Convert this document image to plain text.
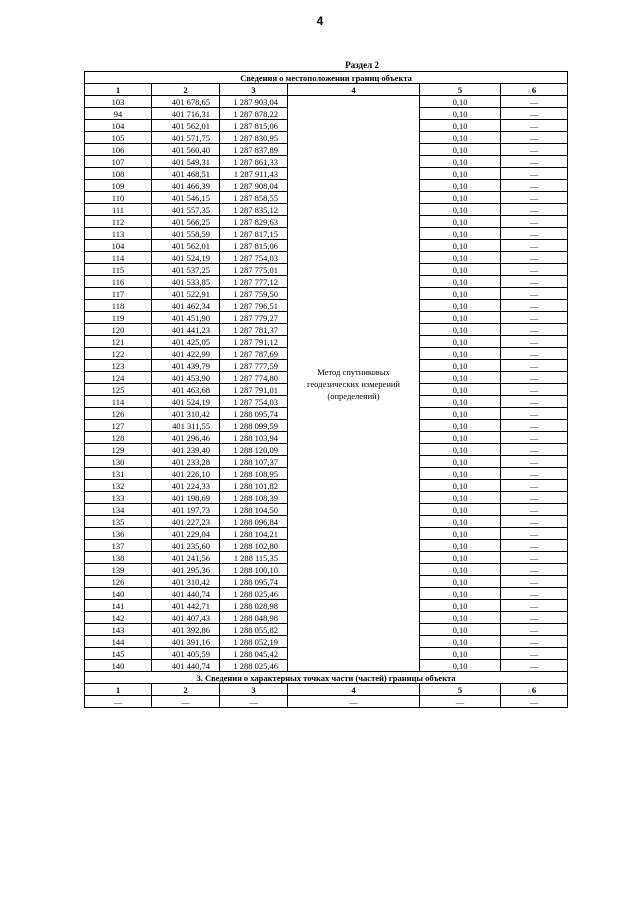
4
Раздел 2
Сведения о местоположении границ объекта					
1	2	3	4	5	6
103	401 678,65	1 287 903,04	Метод спутниковых геодезических измерений (определений)	0,10	—
94	401 716,31	1 287 878,22		0,10	—
104	401 562,01	1 287 815,06		0,10	—
105	401 571,75	1 287 830,95		0,10	—
106	401 560,40	1 287 837,89		0,10	—
107	401 549,31	1 287 861,33		0,10	—
108	401 468,51	1 287 911,43		0,10	—
109	401 466,39	1 287 908,04		0,10	—
110	401 546,15	1 287 858,55		0,10	—
111	401 557,35	1 287 835,12		0,10	—
112	401 566,25	1 287 829,63		0,10	—
113	401 558,59	1 287 817,15		0,10	—
104	401 562,01	1 287 815,06		0,10	—
114	401 524,19	1 287 754,03		0,10	—
115	401 537,25	1 287 775,01		0,10	—
116	401 533,85	1 287 777,12		0,10	—
117	401 522,91	1 287 759,50		0,10	—
118	401 462,34	1 287 796,51		0,10	—
119	401 451,90	1 287 779,27		0,10	—
120	401 441,23	1 287 781,37		0,10	—
121	401 425,05	1 287 791,12		0,10	—
122	401 422,99	1 287 787,69		0,10	—
123	401 439,79	1 287 777,59		0,10	—
124	401 453,90	1 287 774,80		0,10	—
125	401 463,68	1 287 791,01		0,10	—
114	401 524,19	1 287 754,03		0,10	—
126	401 310,42	1 288 095,74		0,10	—
127	401 311,55	1 288 099,59		0,10	—
128	401 296,46	1 288 103,94		0,10	—
129	401 239,40	1 288 120,09		0,10	—
130	401 233,28	1 288 107,37		0,10	—
131	401 226,10	1 288 108,95		0,10	—
132	401 224,33	1 288 101,82		0,10	—
133	401 198,69	1 288 108,39		0,10	—
134	401 197,73	1 288 104,50		0,10	—
135	401 227,23	1 288 096,84		0,10	—
136	401 229,04	1 288 104,21		0,10	—
137	401 235,60	1 288 102,80		0,10	—
138	401 241,56	1 288 115,35		0,10	—
139	401 295,36	1 288 100,10		0,10	—
126	401 310,42	1 288 095,74		0,10	—
140	401 440,74	1 288 025,46		0,10	—
141	401 442,71	1 288 028,98		0,10	—
142	401 407,43	1 288 048,98		0,10	—
143	401 392,86	1 288 055,82		0,10	—
144	401 391,16	1 288 052,19		0,10	—
145	401 405,59	1 288 045,42		0,10	—
140	401 440,74	1 288 025,46		0,10	—
3. Сведения о характерных точках части (частей) границы объекта					
1	2	3	4	5	6
—	—	—	—	—	—
